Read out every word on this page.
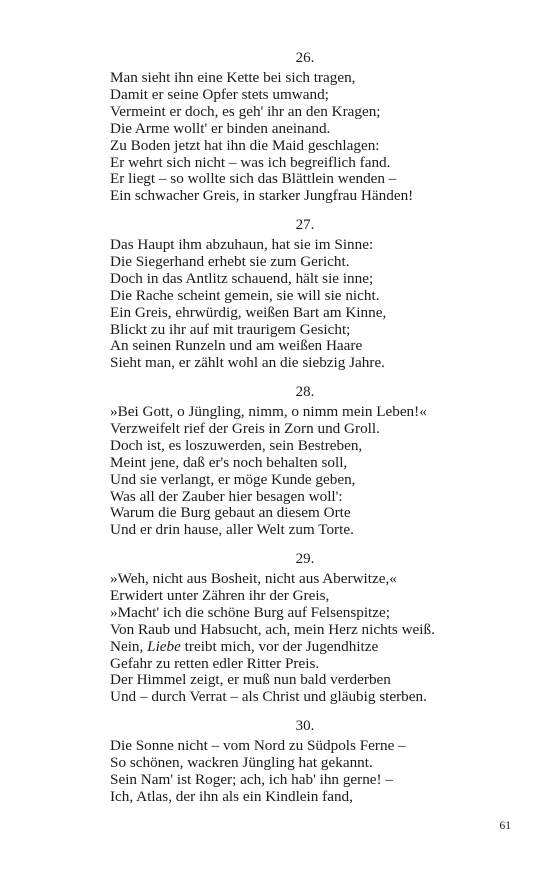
26.
Man sieht ihn eine Kette bei sich tragen,
Damit er seine Opfer stets umwand;
Vermeint er doch, es geh' ihr an den Kragen;
Die Arme wollt' er binden aneinand.
Zu Boden jetzt hat ihn die Maid geschlagen:
Er wehrt sich nicht – was ich begreiflich fand.
Er liegt – so wollte sich das Blättlein wenden –
Ein schwacher Greis, in starker Jungfrau Händen!
27.
Das Haupt ihm abzuhaun, hat sie im Sinne:
Die Siegerhand erhebt sie zum Gericht.
Doch in das Antlitz schauend, hält sie inne;
Die Rache scheint gemein, sie will sie nicht.
Ein Greis, ehrwürdig, weißen Bart am Kinne,
Blickt zu ihr auf mit traurigem Gesicht;
An seinen Runzeln und am weißen Haare
Sieht man, er zählt wohl an die siebzig Jahre.
28.
»Bei Gott, o Jüngling, nimm, o nimm mein Leben!«
Verzweifelt rief der Greis in Zorn und Groll.
Doch ist, es loszuwerden, sein Bestreben,
Meint jene, daß er's noch behalten soll,
Und sie verlangt, er möge Kunde geben,
Was all der Zauber hier besagen woll':
Warum die Burg gebaut an diesem Orte
Und er drin hause, aller Welt zum Torte.
29.
»Weh, nicht aus Bosheit, nicht aus Aberwitze,«
Erwidert unter Zähren ihr der Greis,
»Macht' ich die schöne Burg auf Felsenspitze;
Von Raub und Habsucht, ach, mein Herz nichts weiß.
Nein, Liebe treibt mich, vor der Jugendhitze
Gefahr zu retten edler Ritter Preis.
Der Himmel zeigt, er muß nun bald verderben
Und – durch Verrat – als Christ und gläubig sterben.
30.
Die Sonne nicht – vom Nord zu Südpols Ferne –
So schönen, wackren Jüngling hat gekannt.
Sein Nam' ist Roger; ach, ich hab' ihn gerne! –
Ich, Atlas, der ihn als ein Kindlein fand,
61
